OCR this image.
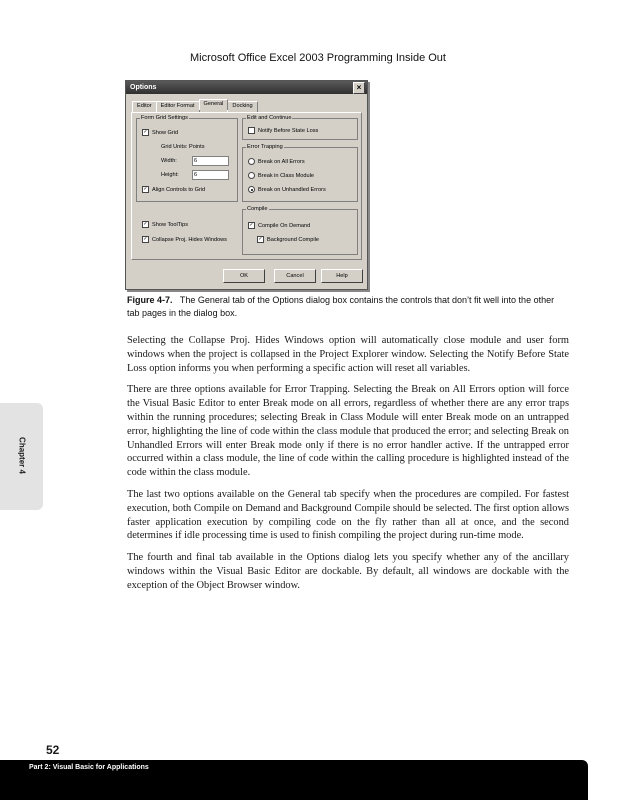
Microsoft Office Excel 2003 Programming Inside Out
Options	×
Editor	Editor Format	General	Docking
Form Grid Settings
✓ Show Grid
Grid Units: Points
Width:	6
Height:	6
✓ Align Controls to Grid
Edit and Continue
Notify Before State Loss
Error Trapping
Break on All Errors
Break in Class Module
Break on Unhandled Errors
✓ Show ToolTips
✓ Collapse Proj. Hides Windows
Compile
✓ Compile On Demand
✓ Background Compile
OK	Cancel	Help
Figure 4-7. The General tab of the Options dialog box contains the controls that don’t fit well into the other tab pages in the dialog box.

Selecting the Collapse Proj. Hides Windows option will automatically close module and user form windows when the project is collapsed in the Project Explorer window. Selecting the Notify Before State Loss option informs you when performing a specific action will reset all variables.

There are three options available for Error Trapping. Selecting the Break on All Errors option will force the Visual Basic Editor to enter Break mode on all errors, regardless of whether there are any error traps within the running procedures; selecting Break in Class Module will enter Break mode on an untrapped error, highlighting the line of code within the class module that produced the error; and selecting Break on Unhandled Errors will enter Break mode only if there is no error handler active. If the untrapped error occurred within a class module, the line of code within the calling procedure is highlighted instead of the code within the class module.

The last two options available on the General tab specify when the procedures are compiled. For fastest execution, both Compile on Demand and Background Compile should be selected. The first option allows faster application execution by compiling code on the fly rather than all at once, and the second determines if idle processing time is used to finish compiling the project during run-time mode.

The fourth and final tab available in the Options dialog lets you specify whether any of the ancillary windows within the Visual Basic Editor are dockable. By default, all windows are dockable with the exception of the Object Browser window.

Chapter 4
52
Part 2: Visual Basic for Applications
